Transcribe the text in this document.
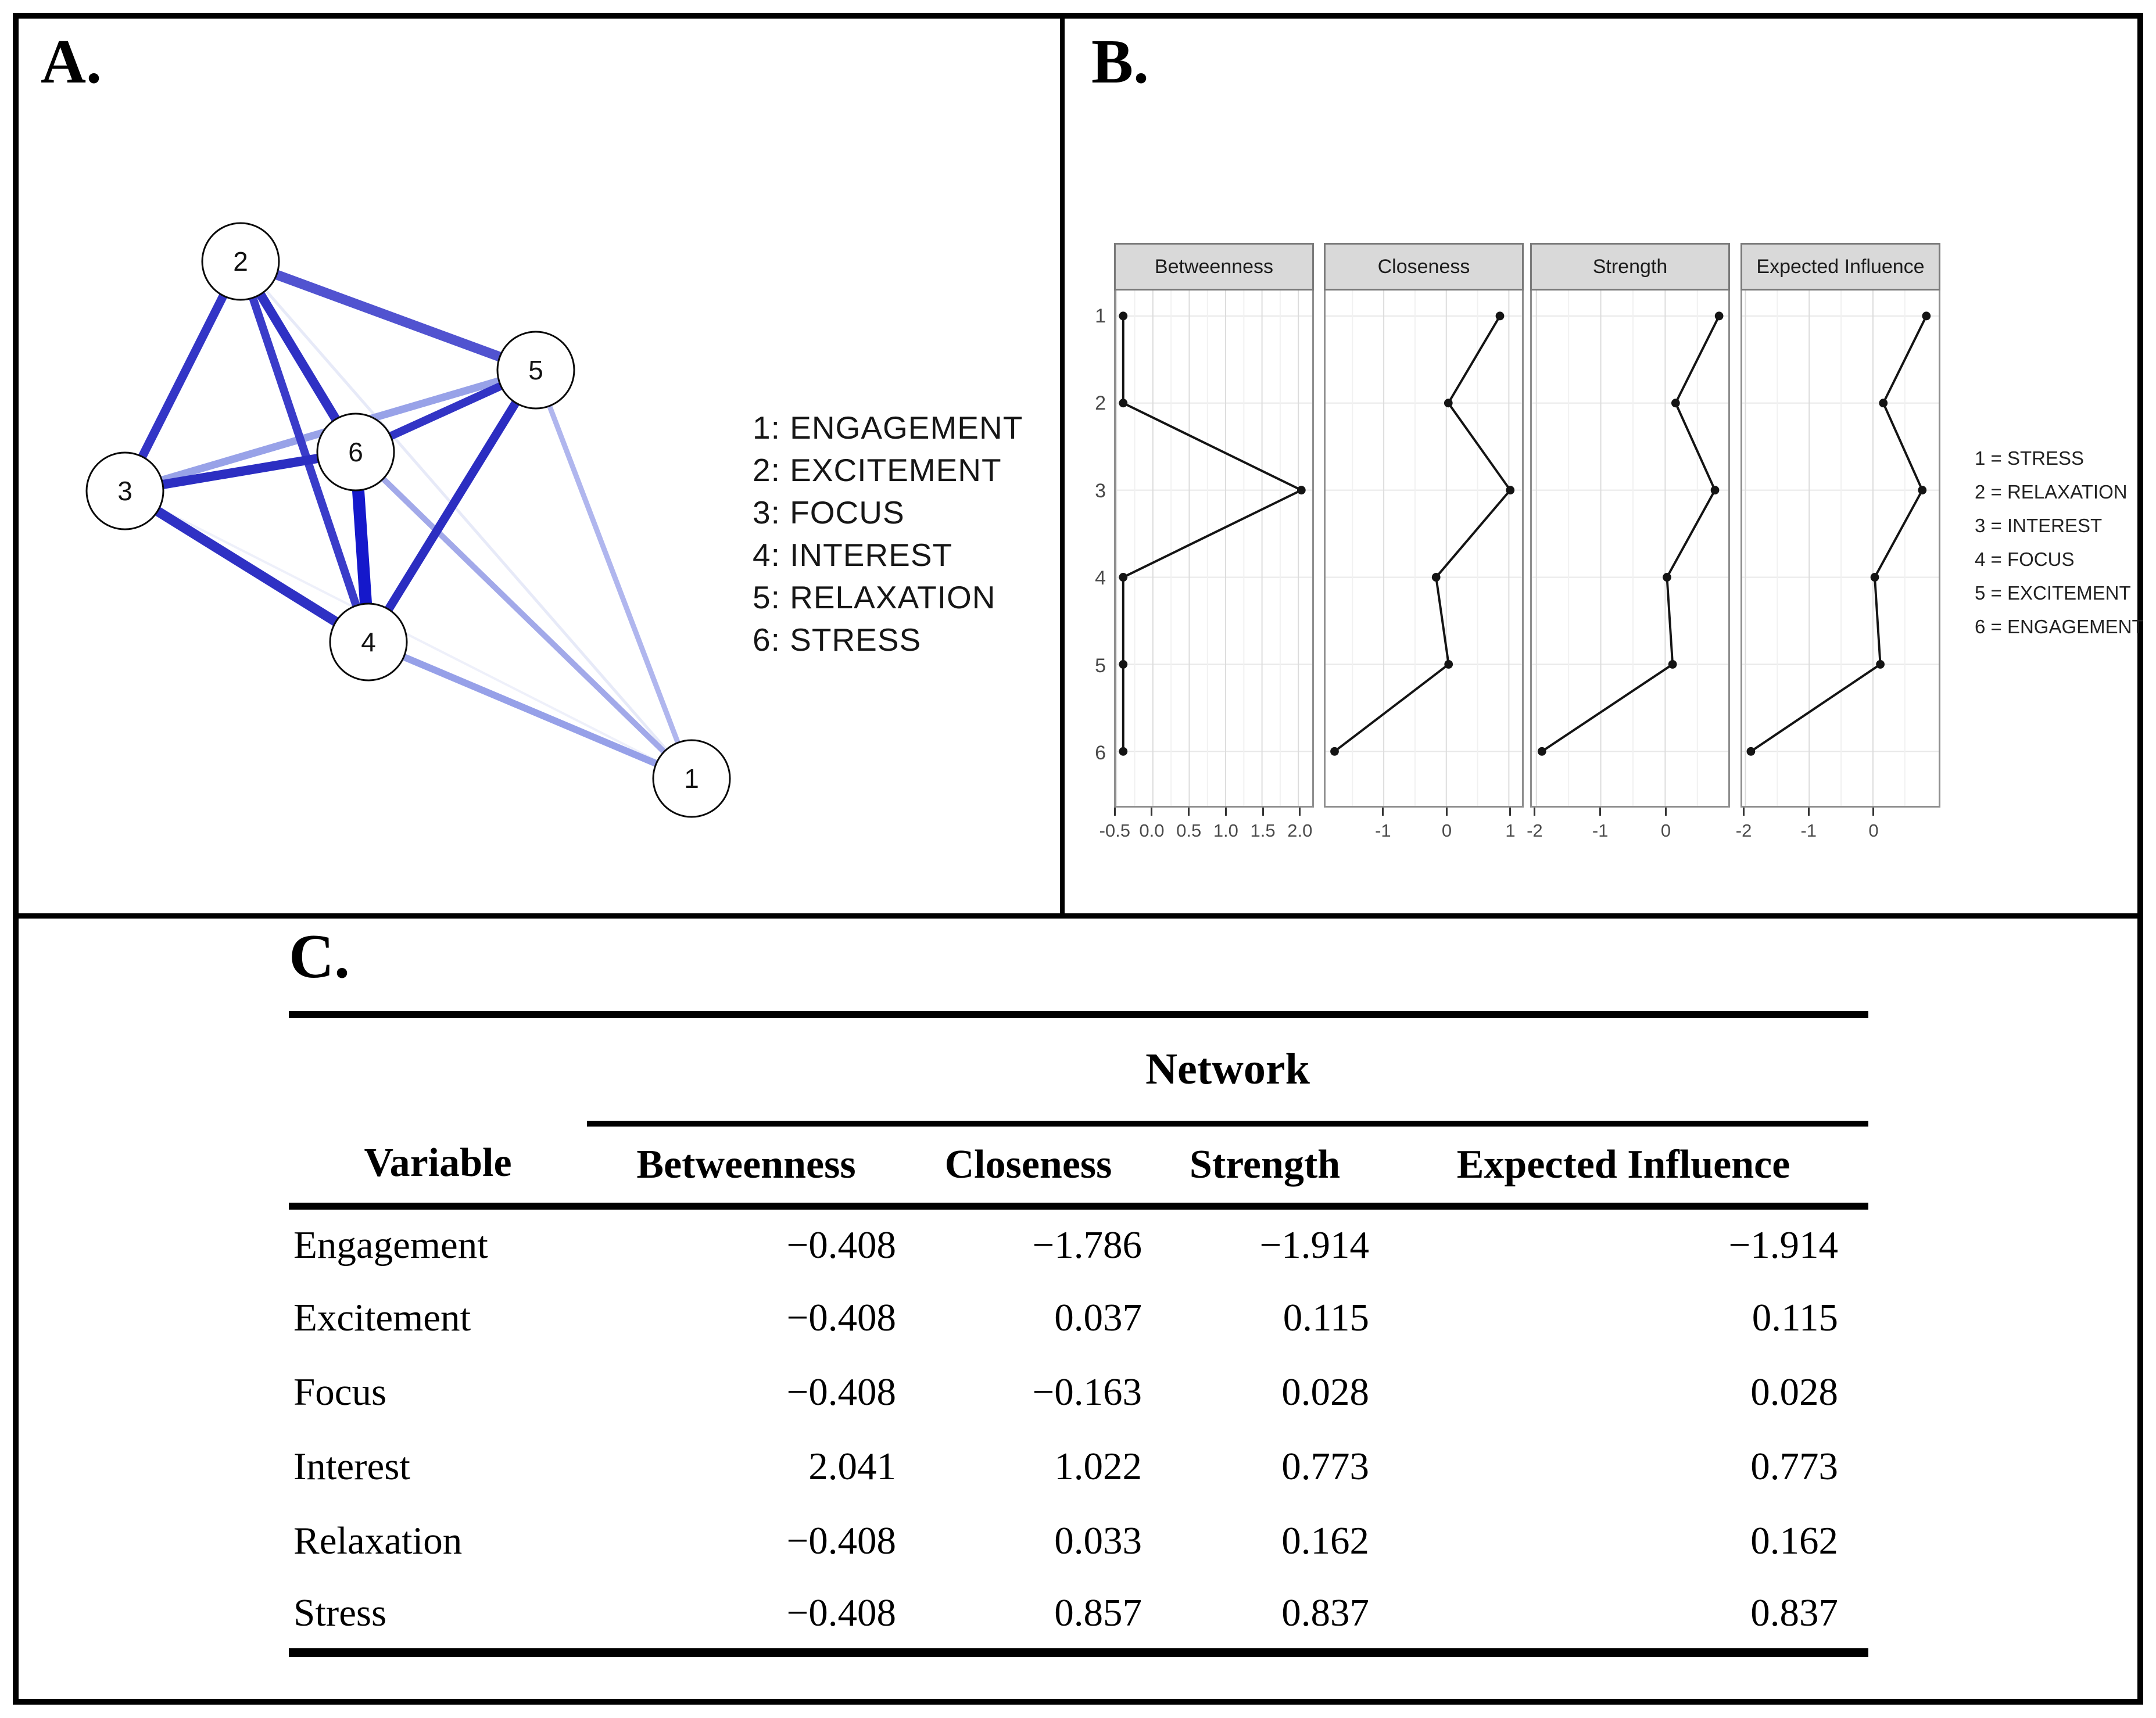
A.
1
2
3
4
5
6
1: ENGAGEMENT
2: EXCITEMENT
3: FOCUS
4: INTEREST
5: RELAXATION
6: STRESS
B.
Betweenness
-0.5 0.0 0.5 1.0 1.5 2.0
Closeness
-1	0	1
Strength
-2	-1	0
Expected Influence
-2	-1	0
1 = STRESS
2 = RELAXATION
3 = INTEREST
4 = FOCUS
5 = EXCITEMENT
6 = ENGAGEMENT
C.
	Network			
Variable	Betweenness	Closeness	Strength	Expected Influence
Engagement	−0.408	−1.786	−1.914	−1.914
Excitement	−0.408	0.037	0.115	0.115
Focus	−0.408	−0.163	0.028	0.028
Interest	2.041	1.022	0.773	0.773
Relaxation	−0.408	0.033	0.162	0.162
Stress	−0.408	0.857	0.837	0.837
1
2
3
4
5
6
